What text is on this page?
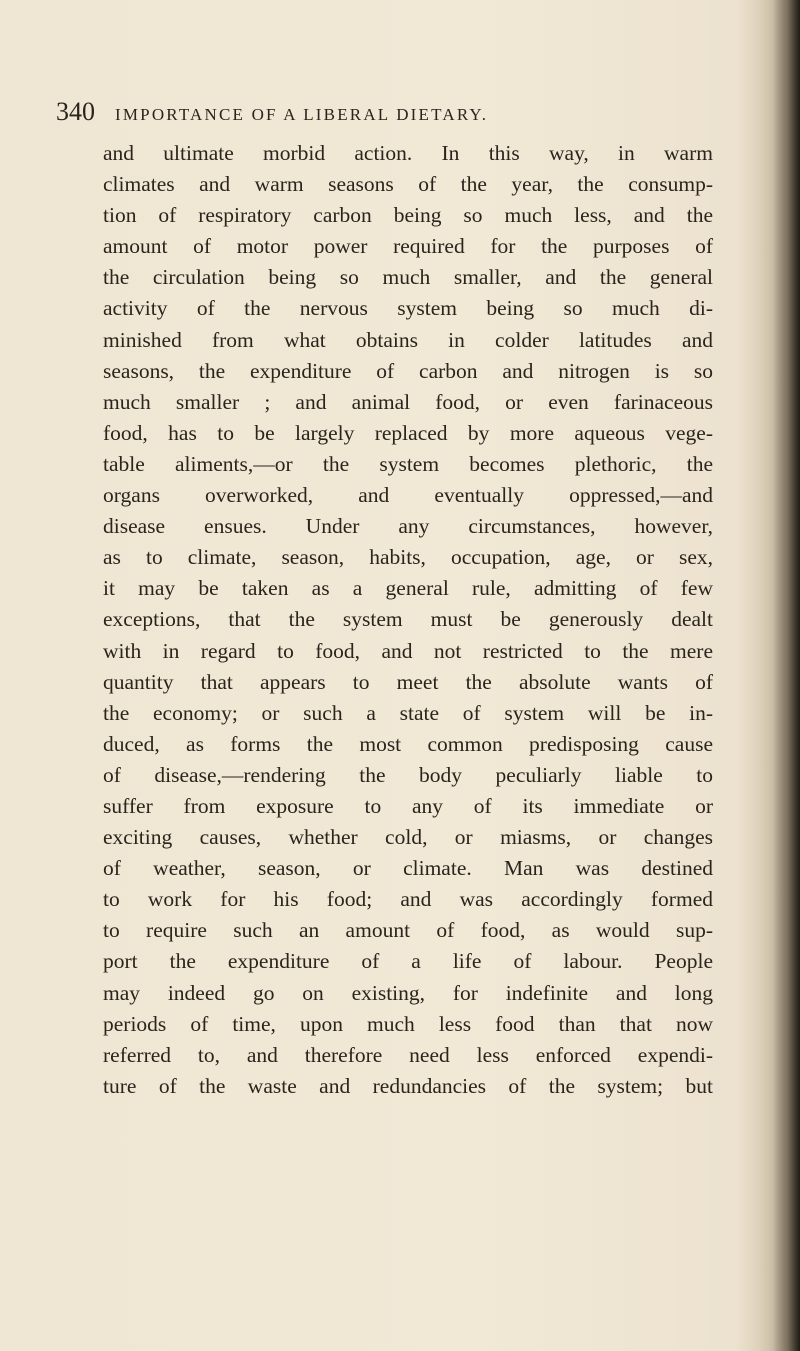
340 IMPORTANCE OF A LIBERAL DIETARY.
and ultimate morbid action. In this way, in warm
climates and warm seasons of the year, the consump-
tion of respiratory carbon being so much less, and the
amount of motor power required for the purposes of
the circulation being so much smaller, and the general
activity of the nervous system being so much di-
minished from what obtains in colder latitudes and
seasons, the expenditure of carbon and nitrogen is so
much smaller ; and animal food, or even farinaceous
food, has to be largely replaced by more aqueous vege-
table aliments,—or the system becomes plethoric, the
organs overworked, and eventually oppressed,—and
disease ensues. Under any circumstances, however,
as to climate, season, habits, occupation, age, or sex,
it may be taken as a general rule, admitting of few
exceptions, that the system must be generously dealt
with in regard to food, and not restricted to the mere
quantity that appears to meet the absolute wants of
the economy; or such a state of system will be in-
duced, as forms the most common predisposing cause
of disease,—rendering the body peculiarly liable to
suffer from exposure to any of its immediate or
exciting causes, whether cold, or miasms, or changes
of weather, season, or climate. Man was destined
to work for his food; and was accordingly formed
to require such an amount of food, as would sup-
port the expenditure of a life of labour. People
may indeed go on existing, for indefinite and long
periods of time, upon much less food than that now
referred to, and therefore need less enforced expendi-
ture of the waste and redundancies of the system; but
